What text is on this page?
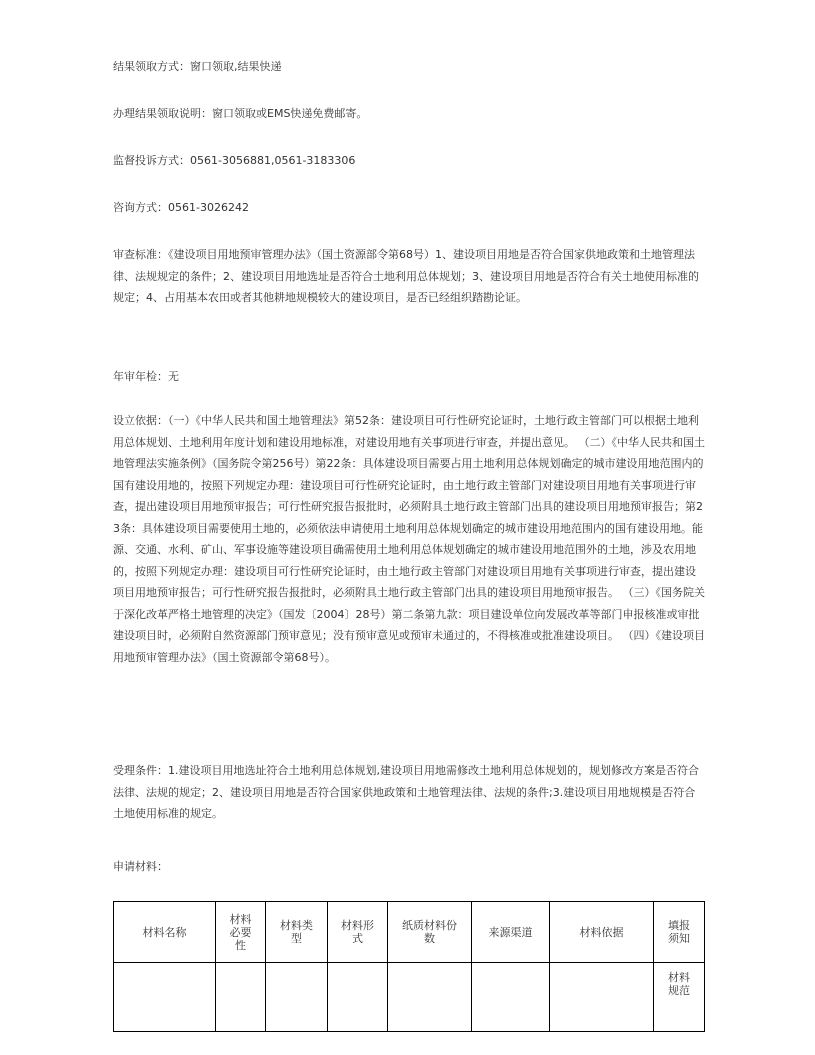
结果领取方式：窗口领取,结果快递

办理结果领取说明：窗口领取或EMS快递免费邮寄。

监督投诉方式：0561-3056881,0561-3183306

咨询方式：0561-3026242

审查标准：《建设项目用地预审管理办法》（国土资源部令第68号）1、建设项目用地是否符合国家供地政策和土地管理法律、法规规定的条件；2、建设项目用地选址是否符合土地利用总体规划；3、建设项目用地是否符合有关土地使用标准的规定；4、占用基本农田或者其他耕地规模较大的建设项目，是否已经组织踏勘论证。

年审年检：无

设立依据：（一）《中华人民共和国土地管理法》第52条：建设项目可行性研究论证时，土地行政主管部门可以根据土地利用总体规划、土地利用年度计划和建设用地标准，对建设用地有关事项进行审查，并提出意见。 （二）《中华人民共和国土地管理法实施条例》（国务院令第256号）第22条：具体建设项目需要占用土地利用总体规划确定的城市建设用地范围内的国有建设用地的，按照下列规定办理：建设项目可行性研究论证时，由土地行政主管部门对建设项目用地有关事项进行审查，提出建设项目用地预审报告；可行性研究报告报批时，必须附具土地行政主管部门出具的建设项目用地预审报告；第23条：具体建设项目需要使用土地的，必须依法申请使用土地利用总体规划确定的城市建设用地范围内的国有建设用地。能源、交通、水利、矿山、军事设施等建设项目确需使用土地利用总体规划确定的城市建设用地范围外的土地，涉及农用地的，按照下列规定办理：建设项目可行性研究论证时，由土地行政主管部门对建设项目用地有关事项进行审查，提出建设项目用地预审报告；可行性研究报告报批时，必须附具土地行政主管部门出具的建设项目用地预审报告。 （三）《国务院关于深化改革严格土地管理的决定》（国发〔2004〕28号）第二条第九款：项目建设单位向发展改革等部门申报核准或审批建设项目时，必须附自然资源部门预审意见；没有预审意见或预审未通过的，不得核准或批准建设项目。 （四）《建设项目用地预审管理办法》（国土资源部令第68号）。

受理条件：1.建设项目用地选址符合土地利用总体规划,建设项目用地需修改土地利用总体规划的，规划修改方案是否符合法律、法规的规定；2、建设项目用地是否符合国家供地政策和土地管理法律、法规的条件;3.建设项目用地规模是否符合土地使用标准的规定。

申请材料：

材料名称	材料必要性	材料类型	材料形式	纸质材料份数	来源渠道	材料依据	填报须知

							材料规范
